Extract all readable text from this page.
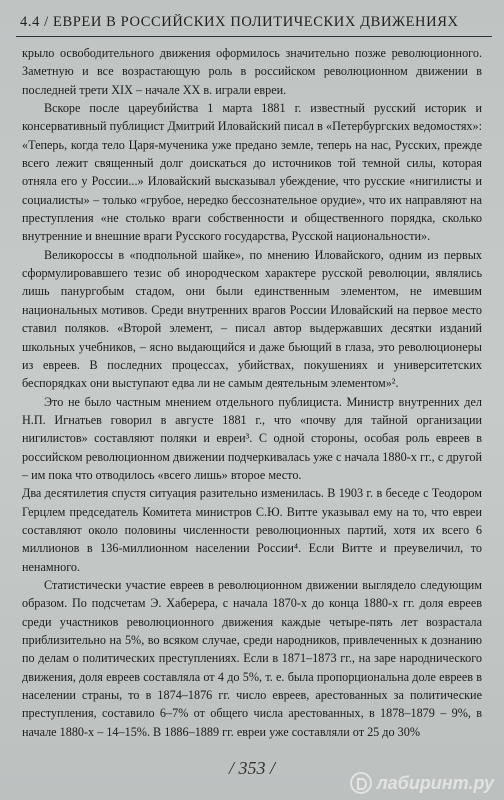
4.4 / ЕВРЕИ В РОССИЙСКИХ ПОЛИТИЧЕСКИХ ДВИЖЕНИЯХ

крыло освободительного движения оформилось значительно позже революционного. Заметную и все возрастающую роль в российском революционном движении в последней трети XIX – начале XX в. играли евреи.

Вскоре после цареубийства 1 марта 1881 г. известный русский историк и консервативный публицист Дмитрий Иловайский писал в «Петербургских ведомостях»: «Теперь, когда тело Царя-мученика уже предано земле, теперь на нас, Русских, прежде всего лежит священный долг доискаться до источников той темной силы, которая отняла его у России...» Иловайский высказывал убеждение, что русские «нигилисты и социалисты» – только «грубое, нередко бессознательное орудие», что их направляют на преступления «не столько враги собственности и общественного порядка, сколько внутренние и внешние враги Русского государства, Русской национальности».

Великороссы в «подпольной шайке», по мнению Иловайского, одним из первых сформулировавшего тезис об инородческом характере русской революции, являлись лишь панургобым стадом, они были единственным элементом, не имевшим национальных мотивов. Среди внутренних врагов России Иловайский на первое место ставил поляков. «Второй элемент, – писал автор выдержавших десятки изданий школьных учебников, – ясно выдающийся и даже бьющий в глаза, это революционеры из евреев. В последних процессах, убийствах, покушениях и университетских беспорядках они выступают едва ли не самым деятельным элементом»².

Это не было частным мнением отдельного публициста. Министр внутренних дел Н.П. Игнатьев говорил в августе 1881 г., что «почву для тайной организации нигилистов» составляют поляки и евреи³. С одной стороны, особая роль евреев в российском революционном движении подчеркивалась уже с начала 1880-х гг., с другой – им пока что отводилось «всего лишь» второе место.

Два десятилетия спустя ситуация разительно изменилась. В 1903 г. в беседе с Теодором Герцлем председатель Комитета министров С.Ю. Витте указывал ему на то, что евреи составляют около половины численности революционных партий, хотя их всего 6 миллионов в 136-миллионном населении России⁴. Если Витте и преувеличил, то ненамного.

Статистически участие евреев в революционном движении выглядело следующим образом. По подсчетам Э. Хаберера, с начала 1870-х до конца 1880-х гг. доля евреев среди участников революционного движения каждые четыре-пять лет возрастала приблизительно на 5%, во всяком случае, среди народников, привлеченных к дознанию по делам о политических преступлениях. Если в 1871–1873 гг., на заре народнического движения, доля евреев составляла от 4 до 5%, т. е. была пропорциональна доле евреев в населении страны, то в 1874–1876 гг. число евреев, арестованных за политические преступления, составило 6–7% от общего числа арестованных, в 1878–1879 – 9%, в начале 1880-х – 14–15%. В 1886–1889 гг. евреи уже составляли от 25 до 30%

/ 353 /
лабиринт.ру
